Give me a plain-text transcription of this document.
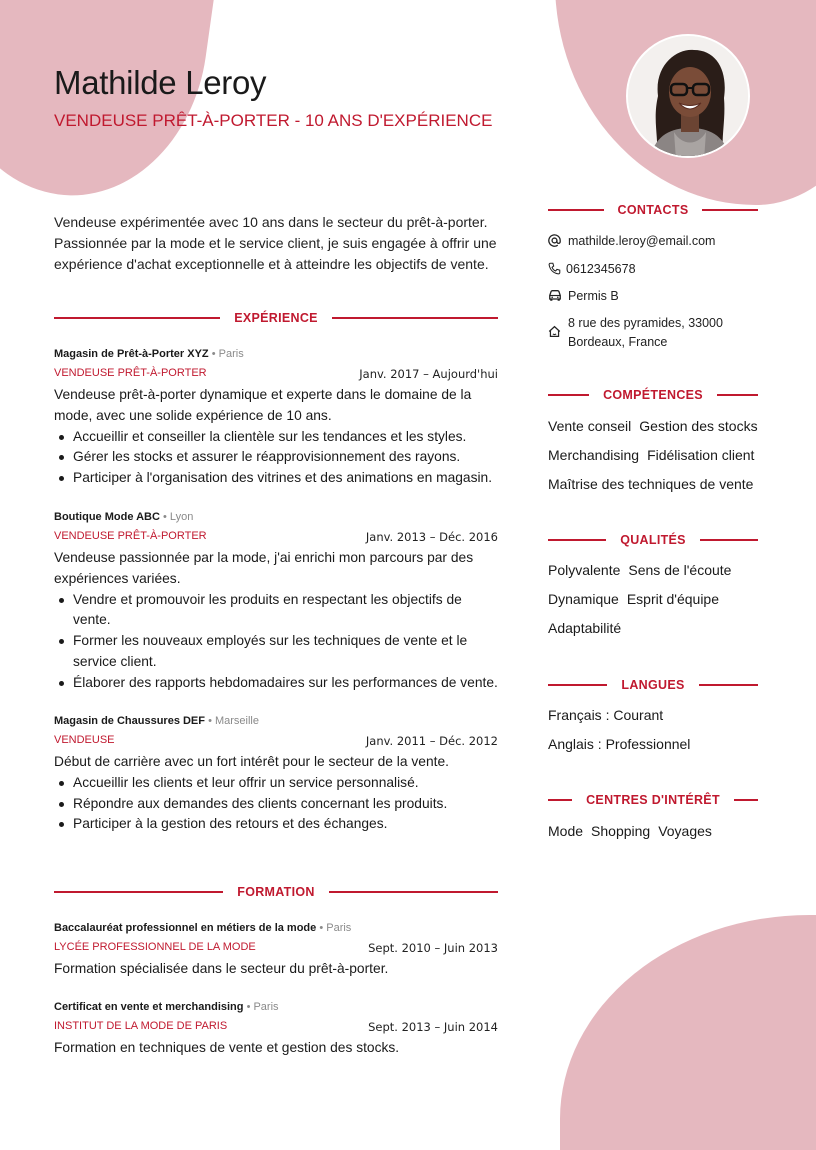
Mathilde Leroy
VENDEUSE PRÊT-À-PORTER - 10 ANS D'EXPÉRIENCE
Vendeuse expérimentée avec 10 ans dans le secteur du prêt-à-porter. Passionnée par la mode et le service client, je suis engagée à offrir une expérience d'achat exceptionnelle et à atteindre les objectifs de vente.
EXPÉRIENCE
Magasin de Prêt-à-Porter XYZ • Paris
VENDEUSE PRÊT-À-PORTER	Janv. 2017 – Aujourd'hui
Vendeuse prêt-à-porter dynamique et experte dans le domaine de la mode, avec une solide expérience de 10 ans.
Accueillir et conseiller la clientèle sur les tendances et les styles.
Gérer les stocks et assurer le réapprovisionnement des rayons.
Participer à l'organisation des vitrines et des animations en magasin.
Boutique Mode ABC • Lyon
VENDEUSE PRÊT-À-PORTER	Janv. 2013 – Déc. 2016
Vendeuse passionnée par la mode, j'ai enrichi mon parcours par des expériences variées.
Vendre et promouvoir les produits en respectant les objectifs de vente.
Former les nouveaux employés sur les techniques de vente et le service client.
Élaborer des rapports hebdomadaires sur les performances de vente.
Magasin de Chaussures DEF • Marseille
VENDEUSE	Janv. 2011 – Déc. 2012
Début de carrière avec un fort intérêt pour le secteur de la vente.
Accueillir les clients et leur offrir un service personnalisé.
Répondre aux demandes des clients concernant les produits.
Participer à la gestion des retours et des échanges.
FORMATION
Baccalauréat professionnel en métiers de la mode • Paris
LYCÉE PROFESSIONNEL DE LA MODE	Sept. 2010 – Juin 2013
Formation spécialisée dans le secteur du prêt-à-porter.
Certificat en vente et merchandising • Paris
INSTITUT DE LA MODE DE PARIS	Sept. 2013 – Juin 2014
Formation en techniques de vente et gestion des stocks.
CONTACTS
mathilde.leroy@email.com
0612345678
Permis B
8 rue des pyramides, 33000
Bordeaux, France
COMPÉTENCES
Vente conseil Gestion des stocksMerchandising Fidélisation clientMaîtrise des techniques de vente
QUALITÉS
Polyvalente Sens de l'écoute
Dynamique Esprit d'équipe
Adaptabilité
LANGUES
Français : Courant
Anglais : Professionnel
CENTRES D'INTÉRÊT
Mode Shopping Voyages
